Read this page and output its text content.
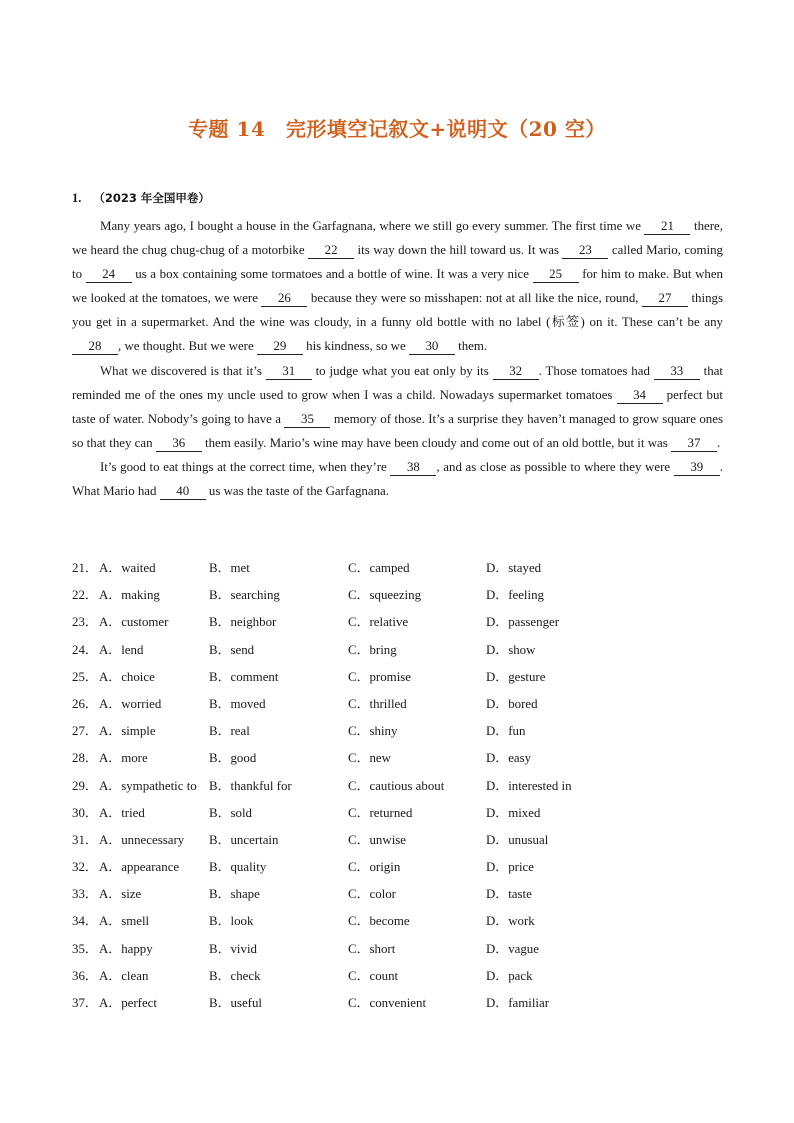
专题 14　完形填空记叙文+说明文（20 空）
1. （2023 年全国甲卷）

Many years ago, I bought a house in the Garfagnana, where we still go every summer. The first time we 21 there, we heard the chug chug-chug of a motorbike 22 its way down the hill toward us. It was 23 called Mario, coming to 24 us a box containing some tormatoes and a bottle of wine. It was a very nice 25 for him to make. But when we looked at the tomatoes, we were 26 because they were so misshapen: not at all like the nice, round, 27 things you get in a supermarket. And the wine was cloudy, in a funny old bottle with no label (标签) on it. These can’t be any 28 , we thought. But we were 29 his kindness, so we 30 them.

What we discovered is that it’s 31 to judge what you eat only by its 32 . Those tomatoes had 33 that reminded me of the ones my uncle used to grow when I was a child. Nowadays supermarket tomatoes 34 perfect but taste of water. Nobody’s going to have a 35 memory of those. It’s a surprise they haven’t managed to grow square ones so that they can 36 them easily. Mario’s wine may have been cloudy and come out of an old bottle, but it was 37 .

It’s good to eat things at the correct time, when they’re 38 , and as close as possible to where they were 39 . What Mario had 40 us was the taste of the Garfagnana.

21． A．waited	B．met	C．camped	D．stayed
22． A．making	B．searching	C．squeezing	D．feeling
23． A．customer	B．neighbor	C．relative	D．passenger
24． A．lend	B．send	C．bring	D．show
25． A．choice	B．comment	C．promise	D．gesture
26． A．worried	B．moved	C．thrilled	D．bored
27． A．simple	B．real	C．shiny	D．fun
28． A．more	B．good	C．new	D．easy
29． A．sympathetic to B．thankful for	C．cautious about	D．interested in
30． A．tried	B．sold	C．returned	D．mixed
31． A．unnecessary B．uncertain	C．unwise	D．unusual
32． A．appearance B．quality	C．origin	D．price
33． A．size	B．shape	C．color	D．taste
34． A．smell	B．look	C．become	D．work
35． A．happy	B．vivid	C．short	D．vague
36． A．clean	B．check	C．count	D．pack
37． A．perfect	B．useful	C．convenient	D．familiar
